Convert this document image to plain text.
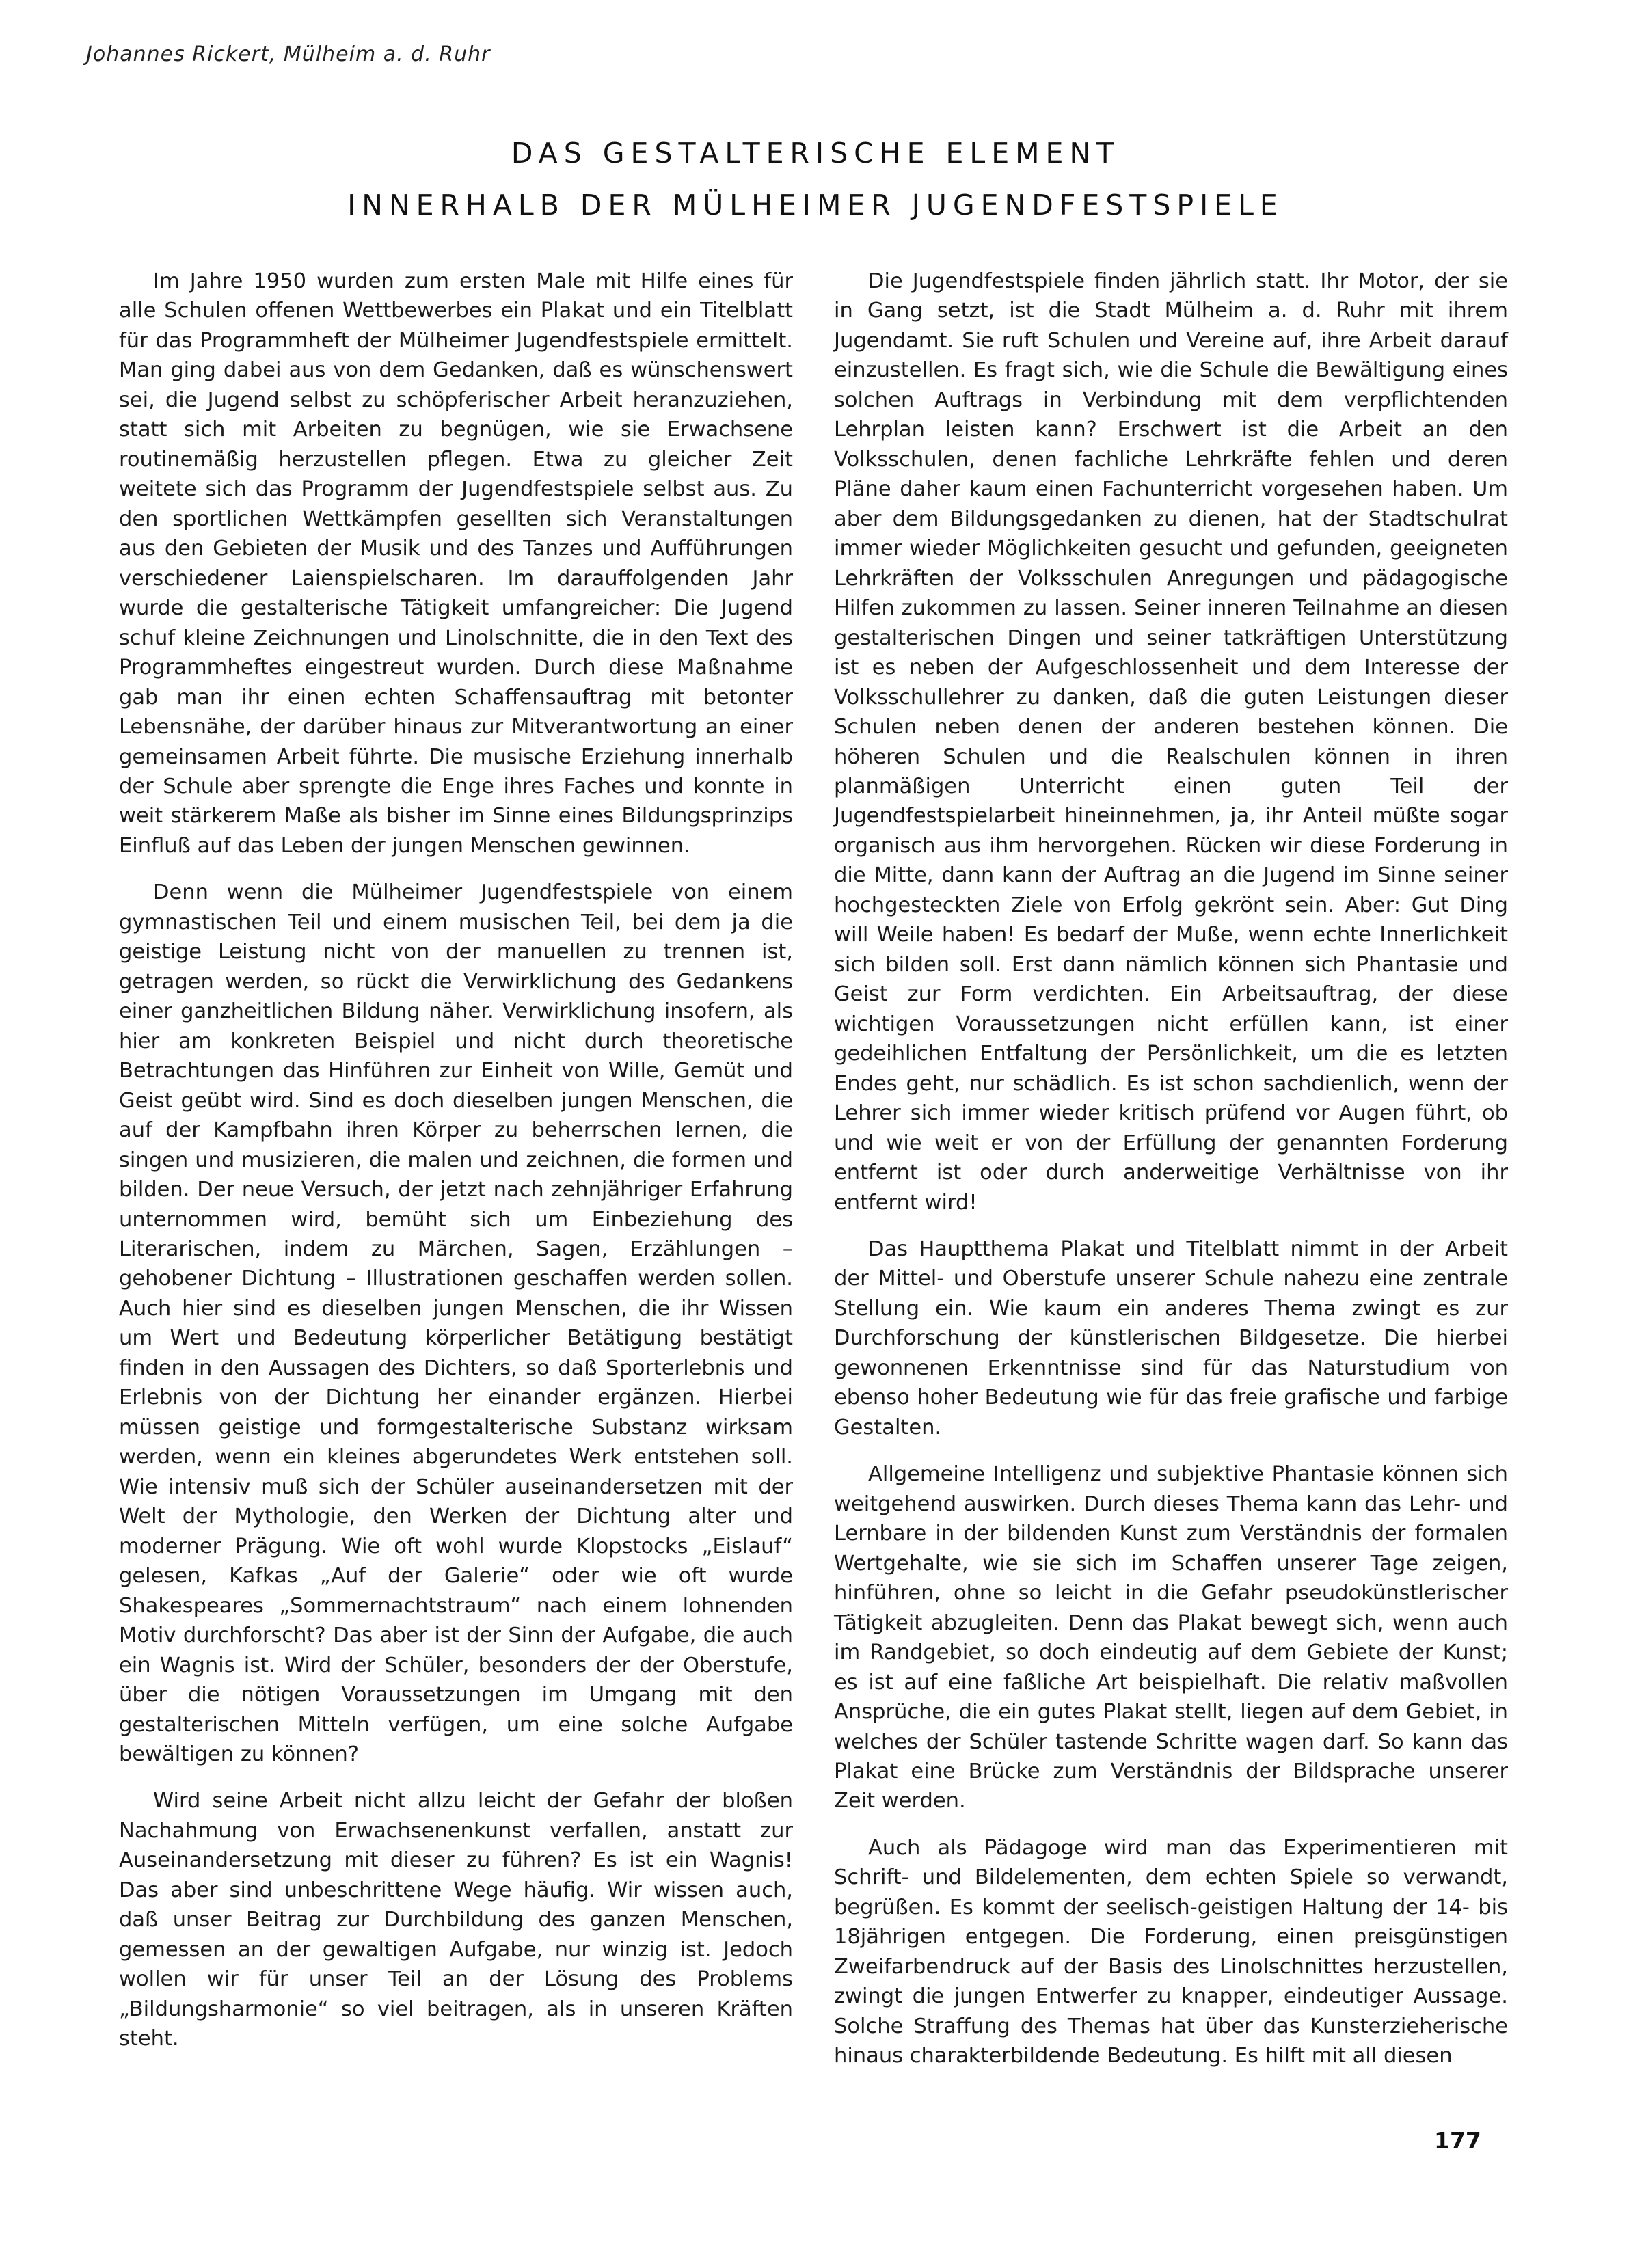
Johannes Rickert, Mülheim a. d. Ruhr
DAS GESTALTERISCHE ELEMENT
INNERHALB DER MÜLHEIMER JUGENDFESTSPIELE

Im Jahre 1950 wurden zum ersten Male mit Hilfe eines für alle Schulen offenen Wettbewerbes ein Plakat und ein Titelblatt für das Programmheft der Mülheimer Jugendfestspiele ermittelt. Man ging dabei aus von dem Gedanken, daß es wünschenswert sei, die Jugend selbst zu schöpferischer Arbeit heranzuziehen, statt sich mit Arbeiten zu begnügen, wie sie Erwachsene routinemäßig herzustellen pflegen. Etwa zu gleicher Zeit weitete sich das Programm der Jugendfestspiele selbst aus. Zu den sportlichen Wettkämpfen gesellten sich Veranstaltungen aus den Gebieten der Musik und des Tanzes und Aufführungen verschiedener Laienspielscharen. Im darauffolgenden Jahr wurde die gestalterische Tätigkeit umfangreicher: Die Jugend schuf kleine Zeichnungen und Linolschnitte, die in den Text des Programmheftes eingestreut wurden. Durch diese Maßnahme gab man ihr einen echten Schaffensauftrag mit betonter Lebensnähe, der darüber hinaus zur Mitverantwortung an einer gemeinsamen Arbeit führte. Die musische Erziehung innerhalb der Schule aber sprengte die Enge ihres Faches und konnte in weit stärkerem Maße als bisher im Sinne eines Bildungsprinzips Einfluß auf das Leben der jungen Menschen gewinnen.

Denn wenn die Mülheimer Jugendfestspiele von einem gymnastischen Teil und einem musischen Teil, bei dem ja die geistige Leistung nicht von der manuellen zu trennen ist, getragen werden, so rückt die Verwirklichung des Gedankens einer ganzheitlichen Bildung näher. Verwirklichung insofern, als hier am konkreten Beispiel und nicht durch theoretische Betrachtungen das Hinführen zur Einheit von Wille, Gemüt und Geist geübt wird. Sind es doch dieselben jungen Menschen, die auf der Kampfbahn ihren Körper zu beherrschen lernen, die singen und musizieren, die malen und zeichnen, die formen und bilden. Der neue Versuch, der jetzt nach zehnjähriger Erfahrung unternommen wird, bemüht sich um Einbeziehung des Literarischen, indem zu Märchen, Sagen, Erzählungen – gehobener Dichtung – Illustrationen geschaffen werden sollen. Auch hier sind es dieselben jungen Menschen, die ihr Wissen um Wert und Bedeutung körperlicher Betätigung bestätigt finden in den Aussagen des Dichters, so daß Sporterlebnis und Erlebnis von der Dichtung her einander ergänzen. Hierbei müssen geistige und formgestalterische Substanz wirksam werden, wenn ein kleines abgerundetes Werk entstehen soll. Wie intensiv muß sich der Schüler auseinandersetzen mit der Welt der Mythologie, den Werken der Dichtung alter und moderner Prägung. Wie oft wohl wurde Klopstocks „Eislauf“ gelesen, Kafkas „Auf der Galerie“ oder wie oft wurde Shakespeares „Sommernachtstraum“ nach einem lohnenden Motiv durchforscht? Das aber ist der Sinn der Aufgabe, die auch ein Wagnis ist. Wird der Schüler, besonders der der Oberstufe, über die nötigen Voraussetzungen im Umgang mit den gestalterischen Mitteln verfügen, um eine solche Aufgabe bewältigen zu können?

Wird seine Arbeit nicht allzu leicht der Gefahr der bloßen Nachahmung von Erwachsenenkunst verfallen, anstatt zur Auseinandersetzung mit dieser zu führen? Es ist ein Wagnis! Das aber sind unbeschrittene Wege häufig. Wir wissen auch, daß unser Beitrag zur Durchbildung des ganzen Menschen, gemessen an der gewaltigen Aufgabe, nur winzig ist. Jedoch wollen wir für unser Teil an der Lösung des Problems „Bildungsharmonie“ so viel beitragen, als in unseren Kräften steht.

Die Jugendfestspiele finden jährlich statt. Ihr Motor, der sie in Gang setzt, ist die Stadt Mülheim a. d. Ruhr mit ihrem Jugendamt. Sie ruft Schulen und Vereine auf, ihre Arbeit darauf einzustellen. Es fragt sich, wie die Schule die Bewältigung eines solchen Auftrags in Verbindung mit dem verpflichtenden Lehrplan leisten kann? Erschwert ist die Arbeit an den Volksschulen, denen fachliche Lehrkräfte fehlen und deren Pläne daher kaum einen Fachunterricht vorgesehen haben. Um aber dem Bildungsgedanken zu dienen, hat der Stadtschulrat immer wieder Möglichkeiten gesucht und gefunden, geeigneten Lehrkräften der Volksschulen Anregungen und pädagogische Hilfen zukommen zu lassen. Seiner inneren Teilnahme an diesen gestalterischen Dingen und seiner tatkräftigen Unterstützung ist es neben der Aufgeschlossenheit und dem Interesse der Volksschullehrer zu danken, daß die guten Leistungen dieser Schulen neben denen der anderen bestehen können. Die höheren Schulen und die Realschulen können in ihren planmäßigen Unterricht einen guten Teil der Jugendfestspielarbeit hineinnehmen, ja, ihr Anteil müßte sogar organisch aus ihm hervorgehen. Rücken wir diese Forderung in die Mitte, dann kann der Auftrag an die Jugend im Sinne seiner hochgesteckten Ziele von Erfolg gekrönt sein. Aber: Gut Ding will Weile haben! Es bedarf der Muße, wenn echte Innerlichkeit sich bilden soll. Erst dann nämlich können sich Phantasie und Geist zur Form verdichten. Ein Arbeitsauftrag, der diese wichtigen Voraussetzungen nicht erfüllen kann, ist einer gedeihlichen Entfaltung der Persönlichkeit, um die es letzten Endes geht, nur schädlich. Es ist schon sachdienlich, wenn der Lehrer sich immer wieder kritisch prüfend vor Augen führt, ob und wie weit er von der Erfüllung der genannten Forderung entfernt ist oder durch anderweitige Verhältnisse von ihr entfernt wird!

Das Hauptthema Plakat und Titelblatt nimmt in der Arbeit der Mittel- und Oberstufe unserer Schule nahezu eine zentrale Stellung ein. Wie kaum ein anderes Thema zwingt es zur Durchforschung der künstlerischen Bildgesetze. Die hierbei gewonnenen Erkenntnisse sind für das Naturstudium von ebenso hoher Bedeutung wie für das freie grafische und farbige Gestalten.

Allgemeine Intelligenz und subjektive Phantasie können sich weitgehend auswirken. Durch dieses Thema kann das Lehr- und Lernbare in der bildenden Kunst zum Verständnis der formalen Wertgehalte, wie sie sich im Schaffen unserer Tage zeigen, hinführen, ohne so leicht in die Gefahr pseudokünstlerischer Tätigkeit abzugleiten. Denn das Plakat bewegt sich, wenn auch im Randgebiet, so doch eindeutig auf dem Gebiete der Kunst; es ist auf eine faßliche Art beispielhaft. Die relativ maßvollen Ansprüche, die ein gutes Plakat stellt, liegen auf dem Gebiet, in welches der Schüler tastende Schritte wagen darf. So kann das Plakat eine Brücke zum Verständnis der Bildsprache unserer Zeit werden.

Auch als Pädagoge wird man das Experimentieren mit Schrift- und Bildelementen, dem echten Spiele so verwandt, begrüßen. Es kommt der seelisch-geistigen Haltung der 14- bis 18jährigen entgegen. Die Forderung, einen preisgünstigen Zweifarbendruck auf der Basis des Linolschnittes herzustellen, zwingt die jungen Entwerfer zu knapper, eindeutiger Aussage. Solche Straffung des Themas hat über das Kunsterzieherische hinaus charakterbildende Bedeutung. Es hilft mit all diesen

177
